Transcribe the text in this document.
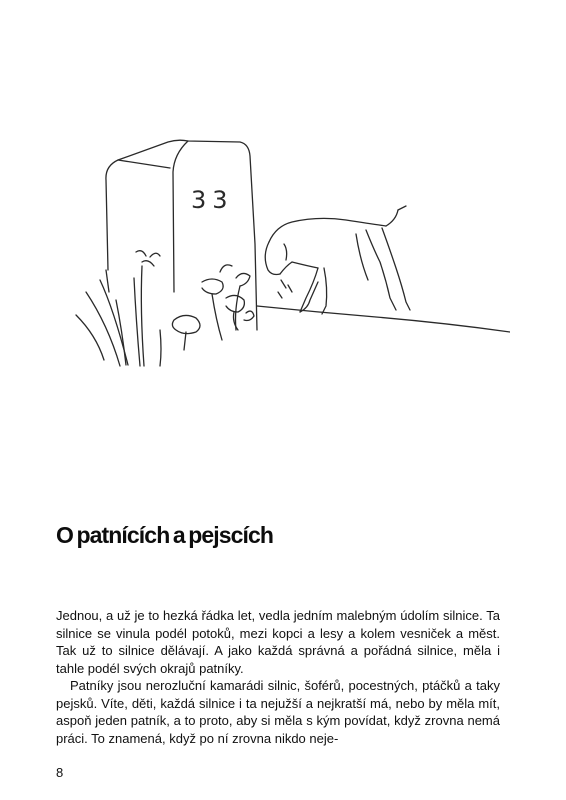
33
O patnících a pejscích

Jednou, a už je to hezká řádka let, vedla jedním malebným údolím silnice. Ta silnice se vinula podél potoků, mezi kopci a lesy a kolem vesniček a měst. Tak už to silnice dělávají. A jako každá správná a pořádná silnice, měla i tahle podél svých okrajů patníky.

Patníky jsou nerozluční kamarádi silnic, šoférů, pocestných, ptáčků a taky pejsků. Víte, děti, každá silnice i ta nejužší a nejkratší má, nebo by měla mít, aspoň jeden patník, a to proto, aby si měla s kým povídat, když zrovna nemá práci. To znamená, když po ní zrovna nikdo neje-

8
